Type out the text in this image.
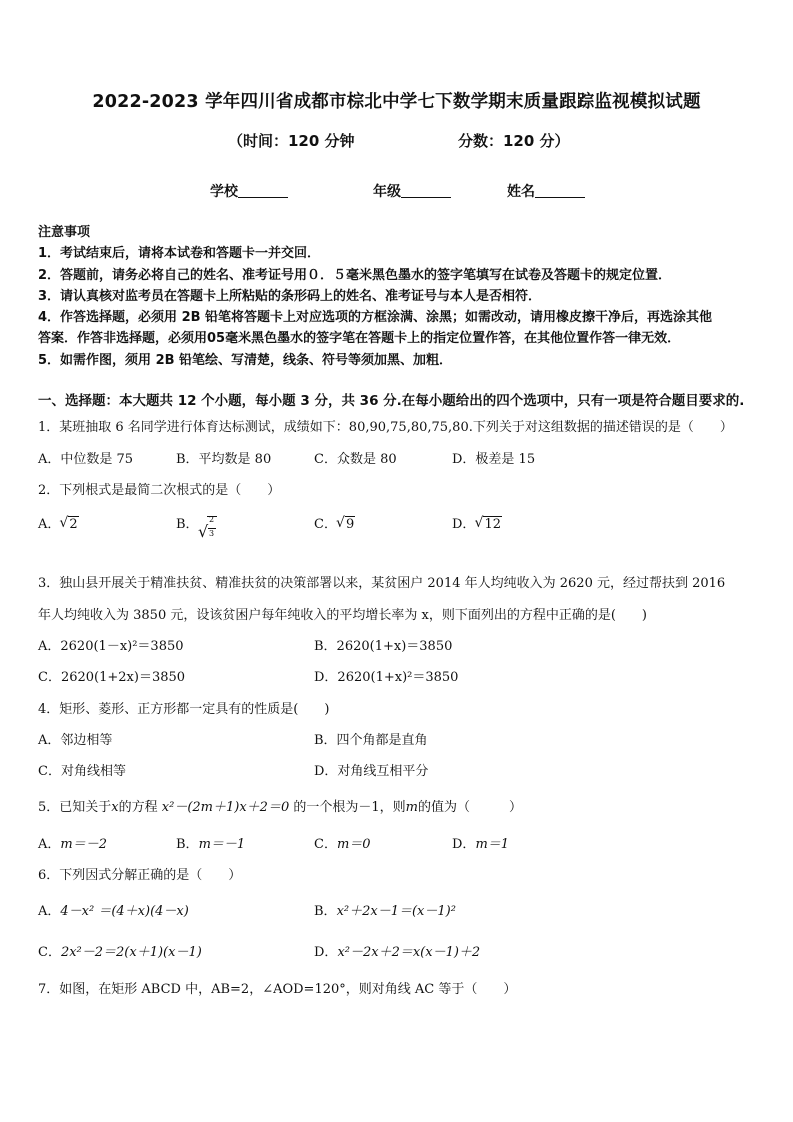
2022-2023 学年四川省成都市棕北中学七下数学期末质量跟踪监视模拟试题
（时间：120 分钟	分数：120 分）
学校	年级	姓名
注意事项
1．考试结束后，请将本试卷和答题卡一并交回．
2．答题前，请务必将自己的姓名、准考证号用０．５毫米黑色墨水的签字笔填写在试卷及答题卡的规定位置．
3．请认真核对监考员在答题卡上所粘贴的条形码上的姓名、准考证号与本人是否相符．
4．作答选择题，必须用 2B 铅笔将答题卡上对应选项的方框涂满、涂黑；如需改动，请用橡皮擦干净后，再选涂其他
答案．作答非选择题，必须用05毫米黑色墨水的签字笔在答题卡上的指定位置作答，在其他位置作答一律无效．
5．如需作图，须用 2B 铅笔绘、写清楚，线条、符号等须加黑、加粗．
一、选择题：本大题共 12 个小题，每小题 3 分，共 36 分.在每小题给出的四个选项中，只有一项是符合题目要求的.
1．某班抽取 6 名同学进行体育达标测试，成绩如下：80,90,75,80,75,80.下列关于对这组数据的描述错误的是（　　）
A．中位数是 75	B．平均数是 80	C．众数是 80	D．极差是 15
2．下列根式是最简二次根式的是（　　）
A． √ 2	B． √
2
3
C． √ 9	D． √ 12
3．独山县开展关于精准扶贫、精准扶贫的决策部署以来，某贫困户 2014 年人均纯收入为 2620 元，经过帮扶到 2016
年人均纯收入为 3850 元，设该贫困户每年纯收入的平均增长率为 x，则下面列出的方程中正确的是(　　)
A．2620(1－x)²＝3850	B．2620(1+x)＝3850
C．2620(1+2x)＝3850	D．2620(1+x)²＝3850
4．矩形、菱形、正方形都一定具有的性质是(　　)
A．邻边相等	B．四个角都是直角
C．对角线相等	D．对角线互相平分
5．已知关于x的方程 x²－(2m＋1)x＋2＝0 的一个根为－1，则m的值为（　　　）
A．m＝－2	B．m＝－1	C．m＝0	D．m＝1
6．下列因式分解正确的是（　　）
A．4－x² ＝(4＋x)(4－x)	B．x²＋2x－1＝(x－1)²
C．2x²－2＝2(x＋1)(x－1)	D．x²－2x＋2＝x(x－1)＋2
7．如图，在矩形 ABCD 中，AB=2，∠AOD=120°，则对角线 AC 等于（　　）
